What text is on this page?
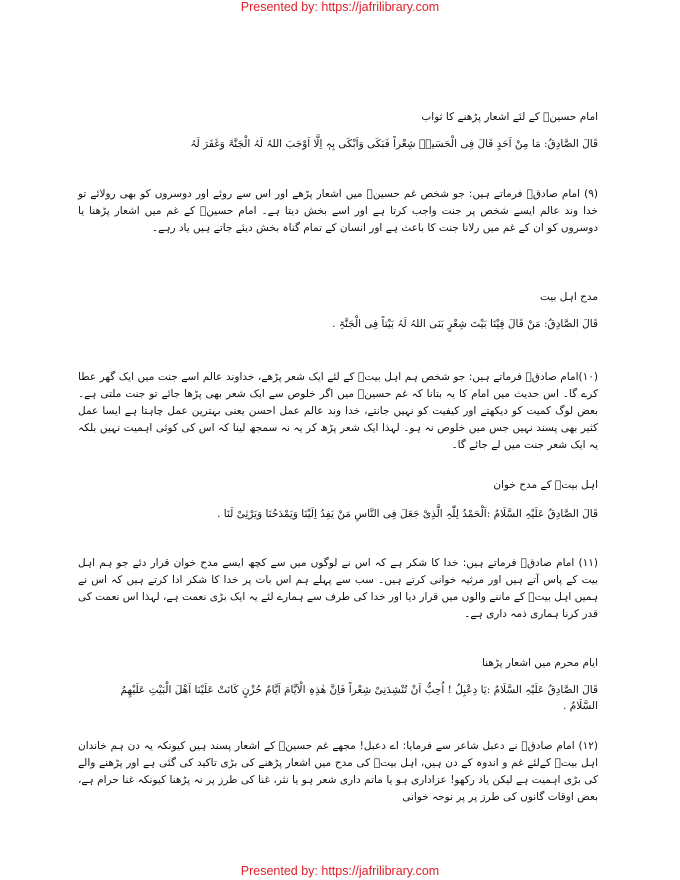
Presented by: https://jafrilibrary.com
امام حسینؑ کے لئے اشعار پڑھنے کا ثواب
قَالَ الصَّادِقُ: مَا مِنْ اَحَدٍ قَالَ فِی الْحَسَینؑ شِعْراً فَبَکَی وَاَبْکَی بِہٖ اِلَّا اَوْجَبَ اللہُ لَہُ الْجَنَّۃَ وَغَفَرَ لَہُ
(۹) امام صادقؑ فرماتے ہیں: جو شخص غم حسینؑ میں اشعار پڑھے اور اس سے روئے اور دوسروں کو بھی رولائے تو خدا وند عالم ایسے شخص پر جنت واجب کرتا ہے اور اسے بخش دیتا ہے۔ امام حسینؑ کے غم میں اشعار پڑھنا یا دوسروں کو ان کے غم میں رلانا جنت کا باعث ہے اور انسان کے تمام گناہ بخش دیئے جاتے ہیں یاد رہے۔
مدح اہل بیت
قَالَ الصَّادِقُ: مَنْ قَالَ فِیْنَا بَیْتَ شِعْرٍ بَنَی اللہُ لَہُ بَیْتاً فِی الْجَنَّۃِ .
(۱۰)امام صادقؑ فرماتے ہیں: جو شخص ہم اہل بیتؑ کے لئے ایک شعر پڑھے، خداوند عالم اسے جنت میں ایک گھر عطا کرے گا۔ اس حدیث میں امام کا یہ بتانا کہ غم حسینؑ میں اگر خلوص سے ایک شعر بھی پڑھا جائے تو جنت ملتی ہے۔ بعض لوگ کمیت کو دیکھتے اور کیفیت کو نہیں جانتے، خدا وند عالم عمل احسن یعنی بہترین عمل چاہتا ہے ایسا عمل کثیر بھی پسند نہیں جس میں خلوص نہ ہو۔ لہذا ایک شعر پڑھ کر یہ نہ سمجھ لینا کہ اس کی کوئی اہمیت نہیں بلکہ یہ ایک شعر جنت میں لے جائے گا۔
اہل بیتؑ کے مدح خوان
قَالَ الصَّادِقُ عَلَیْہِ السَّلَامُ :اَلْحَمْدُ لِلّٰہِ الَّذِیْ جَعَلَ فِی النَّاسِ مَنْ یَفِدُ اِلَیْنَا وَیَمْدَحُنَا وَیَرْثِیْ لَنَا .
(۱۱) امام صادقؑ فرماتے ہیں: خدا کا شکر ہے کہ اس نے لوگوں میں سے کچھ ایسے مدح خوان قرار دئے جو ہم اہل بیت کے پاس آتے ہیں اور مرثیہ خوانی کرتے ہیں۔ سب سے پہلے ہم اس بات پر خدا کا شکر ادا کرتے ہیں کہ اس نے ہمیں اہل بیتؑ کے ماننے والوں میں قرار دیا اور خدا کی طرف سے ہمارے لئے یہ ایک بڑی نعمت ہے، لہذا اس نعمت کی قدر کرنا ہماری ذمہ داری ہے۔
ایام محرم میں اشعار پڑھنا
قَالَ الصَّادِقُ عَلَیْہِ السَّلَامُ :یَا دِعْبِلُ ! اُحِبُّ اَنْ تُنْشِدَنِیْ شِعْراً فَاِنَّ ھٰذِہِ الْاَیَّامَ اَیَّامُ حُزْنٍ کَانَتْ عَلَیْنَا اَھْلَ الْبَیْتِ عَلَیْھِمُ السَّلَامُ .
(۱۲) امام صادقؑ نے دعبل شاعر سے فرمایا: اے دعبل! مجھے غم حسینؑ کے اشعار پسند ہیں کیونکہ یہ دن ہم خاندان اہل بیتؑ کےلئے غم و اندوہ کے دن ہیں، اہل بیتؑ کی مدح میں اشعار پڑھنے کی بڑی تاکید کی گئی ہے اور پڑھنے والے کی بڑی اہمیت ہے لیکن یاد رکھو! عزاداری ہو یا ماتم داری شعر ہو یا نثر، غنا کی طرز پر نہ پڑھنا کیونکہ غنا حرام ہے، بعض اوقات گانوں کی طرز پر پر نوحہ خوانی
Presented by: https://jafrilibrary.com
